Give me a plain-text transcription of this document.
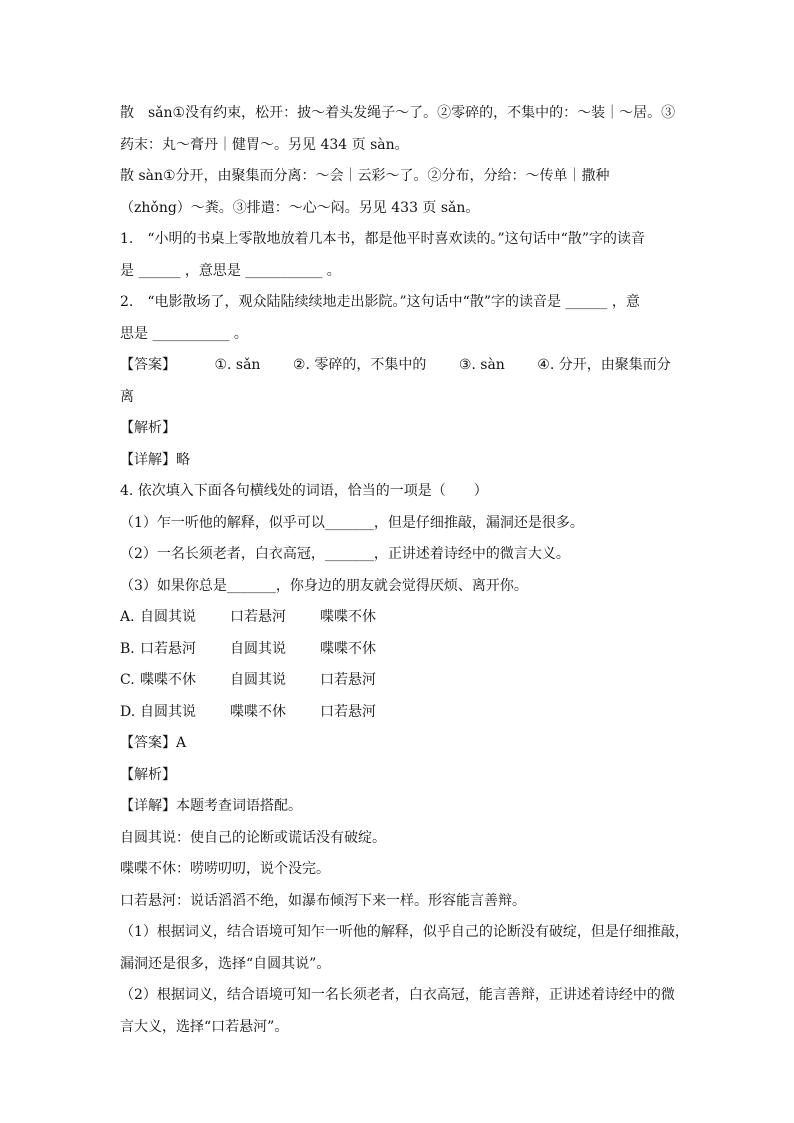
散　sǎn①没有约束，松开：披～着头发绳子～了。②零碎的，不集中的：～装｜～居。③
药末：丸～膏丹｜健胃～。另见 434 页 sàn。
散 sàn①分开，由聚集而分离：～会｜云彩～了。②分布，分给：～传单｜撒种
（zhǒng）～粪。③排遣：～心～闷。另见 433 页 sǎn。
1.　“小明的书桌上零散地放着几本书，都是他平时喜欢读的。”这句话中“散”字的读音
是 ______ ，意思是 ___________ 。
2.　“电影散场了，观众陆陆续续地走出影院。”这句话中“散”字的读音是 ______ ，意
思是 ___________ 。
【答案】	①. sǎn ②. 零碎的，不集中的 ③. sàn ④. 分开，由聚集而分
离
【解析】
【详解】略
4. 依次填入下面各句横线处的词语，恰当的一项是（　　）
（1）乍一听他的解释，似乎可以_______，但是仔细推敲，漏洞还是很多。
（2）一名长须老者，白衣高冠，_______，正讲述着诗经中的微言大义。
（3）如果你总是_______，你身边的朋友就会觉得厌烦、离开你。
A. 自圆其说 口若悬河 喋喋不休
B. 口若悬河 自圆其说 喋喋不休
C. 喋喋不休 自圆其说 口若悬河
D. 自圆其说 喋喋不休 口若悬河
【答案】A
【解析】
【详解】本题考查词语搭配。
自圆其说：使自己的论断或谎话没有破绽。
喋喋不休：唠唠叨叨，说个没完。
口若悬河：说话滔滔不绝，如瀑布倾泻下来一样。形容能言善辩。
（1）根据词义，结合语境可知乍一听他的解释，似乎自己的论断没有破绽，但是仔细推敲，
漏洞还是很多，选择“自圆其说”。
（2）根据词义，结合语境可知一名长须老者，白衣高冠，能言善辩，正讲述着诗经中的微
言大义，选择“口若悬河”。
